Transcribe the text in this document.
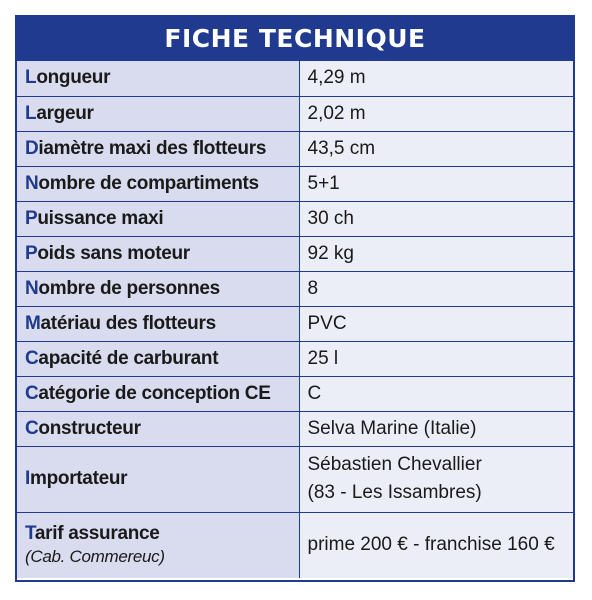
FICHE TECHNIQUE
Longueur	4,29 m
Largeur	2,02 m
Diamètre maxi des flotteurs	43,5 cm
Nombre de compartiments	5+1
Puissance maxi	30 ch
Poids sans moteur	92 kg
Nombre de personnes	8
Matériau des flotteurs	PVC
Capacité de carburant	25 l
Catégorie de conception CE	C
Constructeur	Selva Marine (Italie)
Importateur	Sébastien Chevallier
(83 - Les Issambres)

Tarif assurance
(Cab. Commereuc)	prime 200 € - franchise 160 €
